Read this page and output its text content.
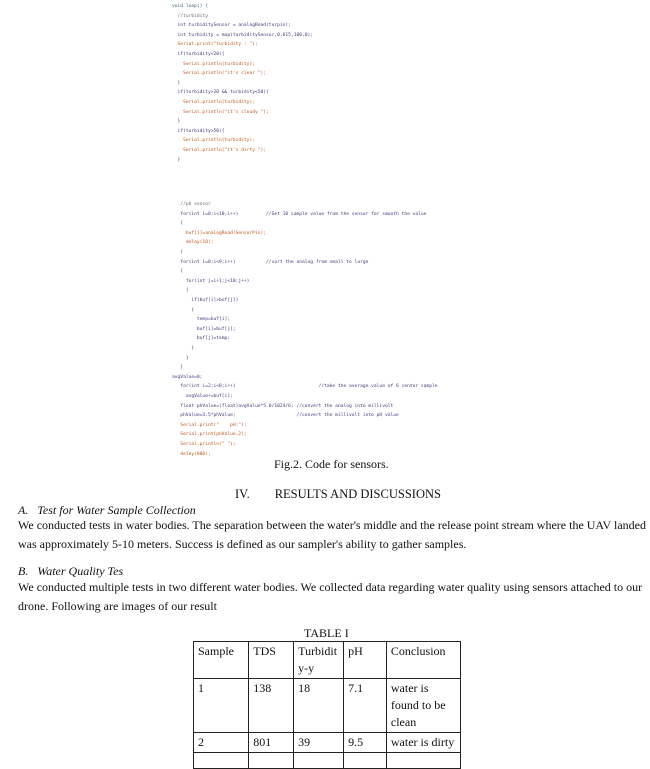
void loop() {
//turbidity
int turbiditySensor = analogRead(turpin);
int turbidity = map(turbiditySensor,0,615,100,0);
Serial.print("turbidity : ");
if(turbidity<20){
Serial.println(turbidity);
Serial.println("it's clear ");
}
if(turbidity>20 && turbidity<50){
Serial.println(turbidity);
Serial.println("it's cloudy ");
}
if(turbidity>50){
Serial.println(turbidity);
Serial.println("it's dirty ");
}
//ph sensor
for(int i=0;i<10;i++)          //Get 10 sample value from the sensor for smooth the value
{
buf[i]=analogRead(SensorPin);
delay(10);
}
for(int i=0;i<9;i++)           //sort the analog from small to large
{
for(int j=i+1;j<10;j++)
{
if(buf[i]>buf[j])
{
temp=buf[i];
buf[i]=buf[j];
buf[j]=temp;
}
}
}
avgValue=0;
for(int i=2;i<8;i++)                              //take the average value of 6 center sample
avgValue+=buf[i];
float phValue=(float)avgValue*5.0/1024/6; //convert the analog into millivolt
phValue=3.5*phValue;                      //convert the millivolt into pH value
Serial.print("    pH:");
Serial.print(phValue,2);
Serial.println(" ");
delay(800);
Fig.2. Code for sensors.
IV.        RESULTS AND DISCUSSIONS
A.   Test for Water Sample Collection
We conducted tests in water bodies. The separation between the water's middle and the release point stream where the UAV landed was approximately 5-10 meters. Success is defined as our sampler's ability to gather samples.
B.   Water Quality Tes
We conducted multiple tests in two different water bodies. We collected data regarding water quality using sensors attached to our drone. Following are images of our result
TABLE I
Sample	TDS	Turbidit y-y	pH	Conclusion
1	138	18	7.1	water is found to be clean
2	801	39	9.5	water is dirty
